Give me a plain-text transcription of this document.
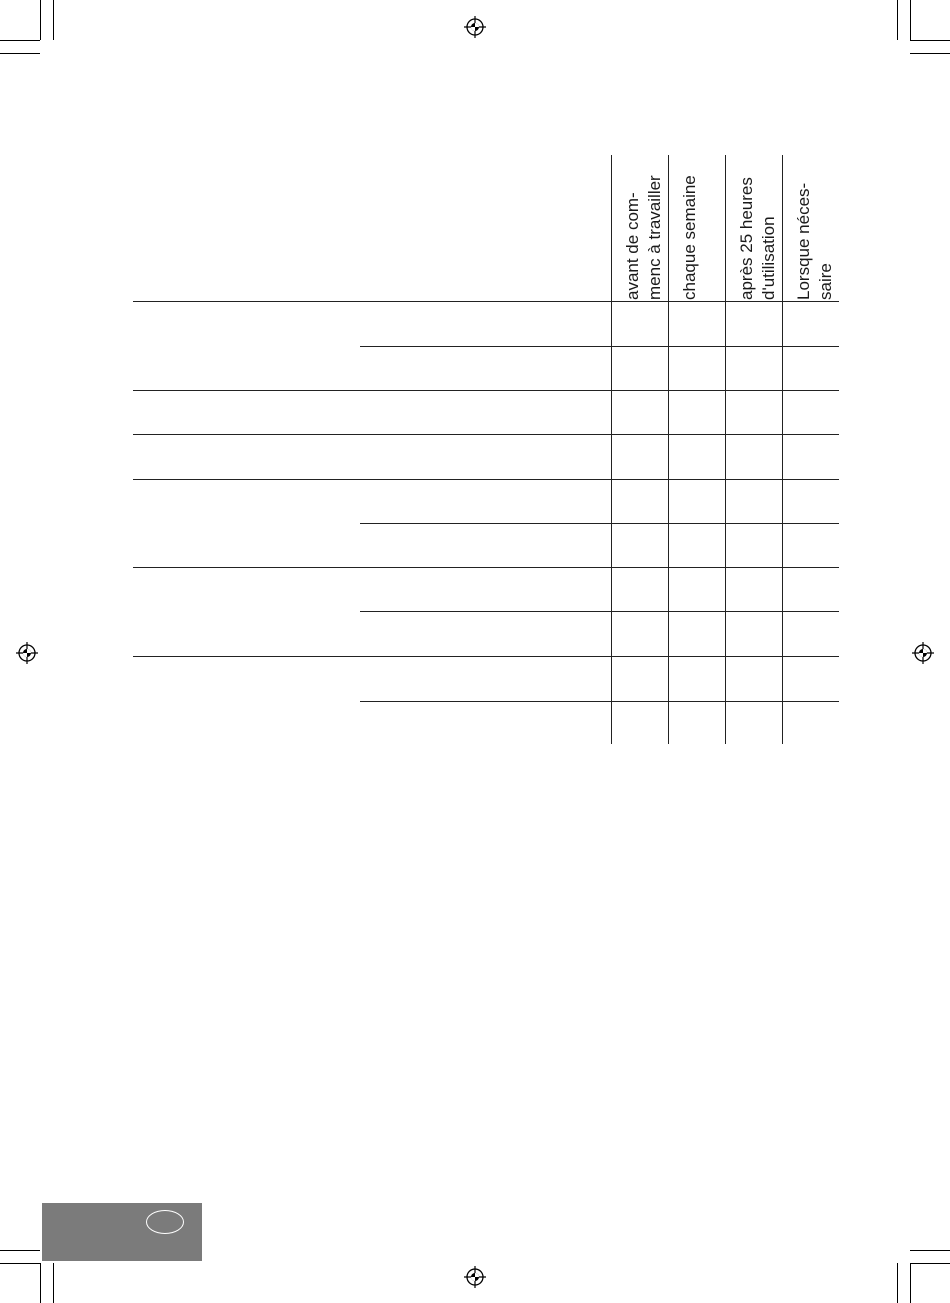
avant de com-
menc à travailler chaque semaine	après 25 heures
d'utilisation Lorsque néces-
saire
